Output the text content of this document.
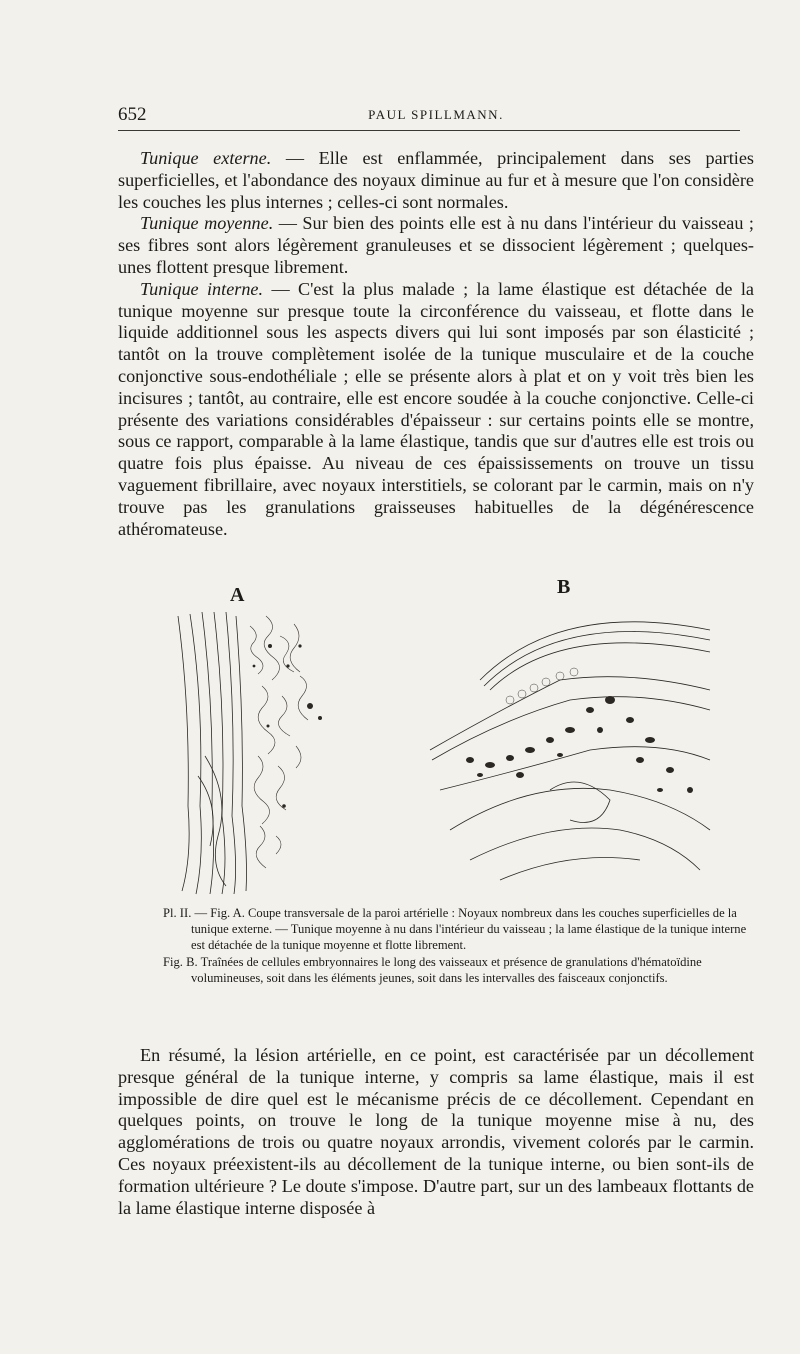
652	PAUL SPILLMANN.

Tunique externe. — Elle est enflammée, principalement dans ses parties superficielles, et l'abondance des noyaux diminue au fur et à mesure que l'on considère les couches les plus internes ; celles-ci sont normales.

Tunique moyenne. — Sur bien des points elle est à nu dans l'intérieur du vaisseau ; ses fibres sont alors légèrement granuleuses et se dissocient légèrement ; quelques-unes flottent presque librement.

Tunique interne. — C'est la plus malade ; la lame élastique est détachée de la tunique moyenne sur presque toute la circonférence du vaisseau, et flotte dans le liquide additionnel sous les aspects divers qui lui sont imposés par son élasticité ; tantôt on la trouve complètement isolée de la tunique musculaire et de la couche conjonctive sous-endothéliale ; elle se présente alors à plat et on y voit très bien les incisures ; tantôt, au contraire, elle est encore soudée à la couche conjonctive. Celle-ci présente des variations considérables d'épaisseur : sur certains points elle se montre, sous ce rapport, comparable à la lame élastique, tandis que sur d'autres elle est trois ou quatre fois plus épaisse. Au niveau de ces épaississements on trouve un tissu vaguement fibrillaire, avec noyaux interstitiels, se colorant par le carmin, mais on n'y trouve pas les granulations graisseuses habituelles de la dégénérescence athéromateuse.

A	B

Pl. II. — Fig. A. Coupe transversale de la paroi artérielle : Noyaux nombreux dans les couches superficielles de la tunique externe. — Tunique moyenne à nu dans l'intérieur du vaisseau ; la lame élastique de la tunique interne est détachée de la tunique moyenne et flotte librement.

Fig. B. Traînées de cellules embryonnaires le long des vaisseaux et présence de granulations d'hématoïdine volumineuses, soit dans les éléments jeunes, soit dans les intervalles des faisceaux conjonctifs.

En résumé, la lésion artérielle, en ce point, est caractérisée par un décollement presque général de la tunique interne, y compris sa lame élastique, mais il est impossible de dire quel est le mécanisme précis de ce décollement. Cependant en quelques points, on trouve le long de la tunique moyenne mise à nu, des agglomérations de trois ou quatre noyaux arrondis, vivement colorés par le carmin. Ces noyaux préexistent-ils au décollement de la tunique interne, ou bien sont-ils de formation ultérieure ? Le doute s'impose. D'autre part, sur un des lambeaux flottants de la lame élastique interne disposée à
